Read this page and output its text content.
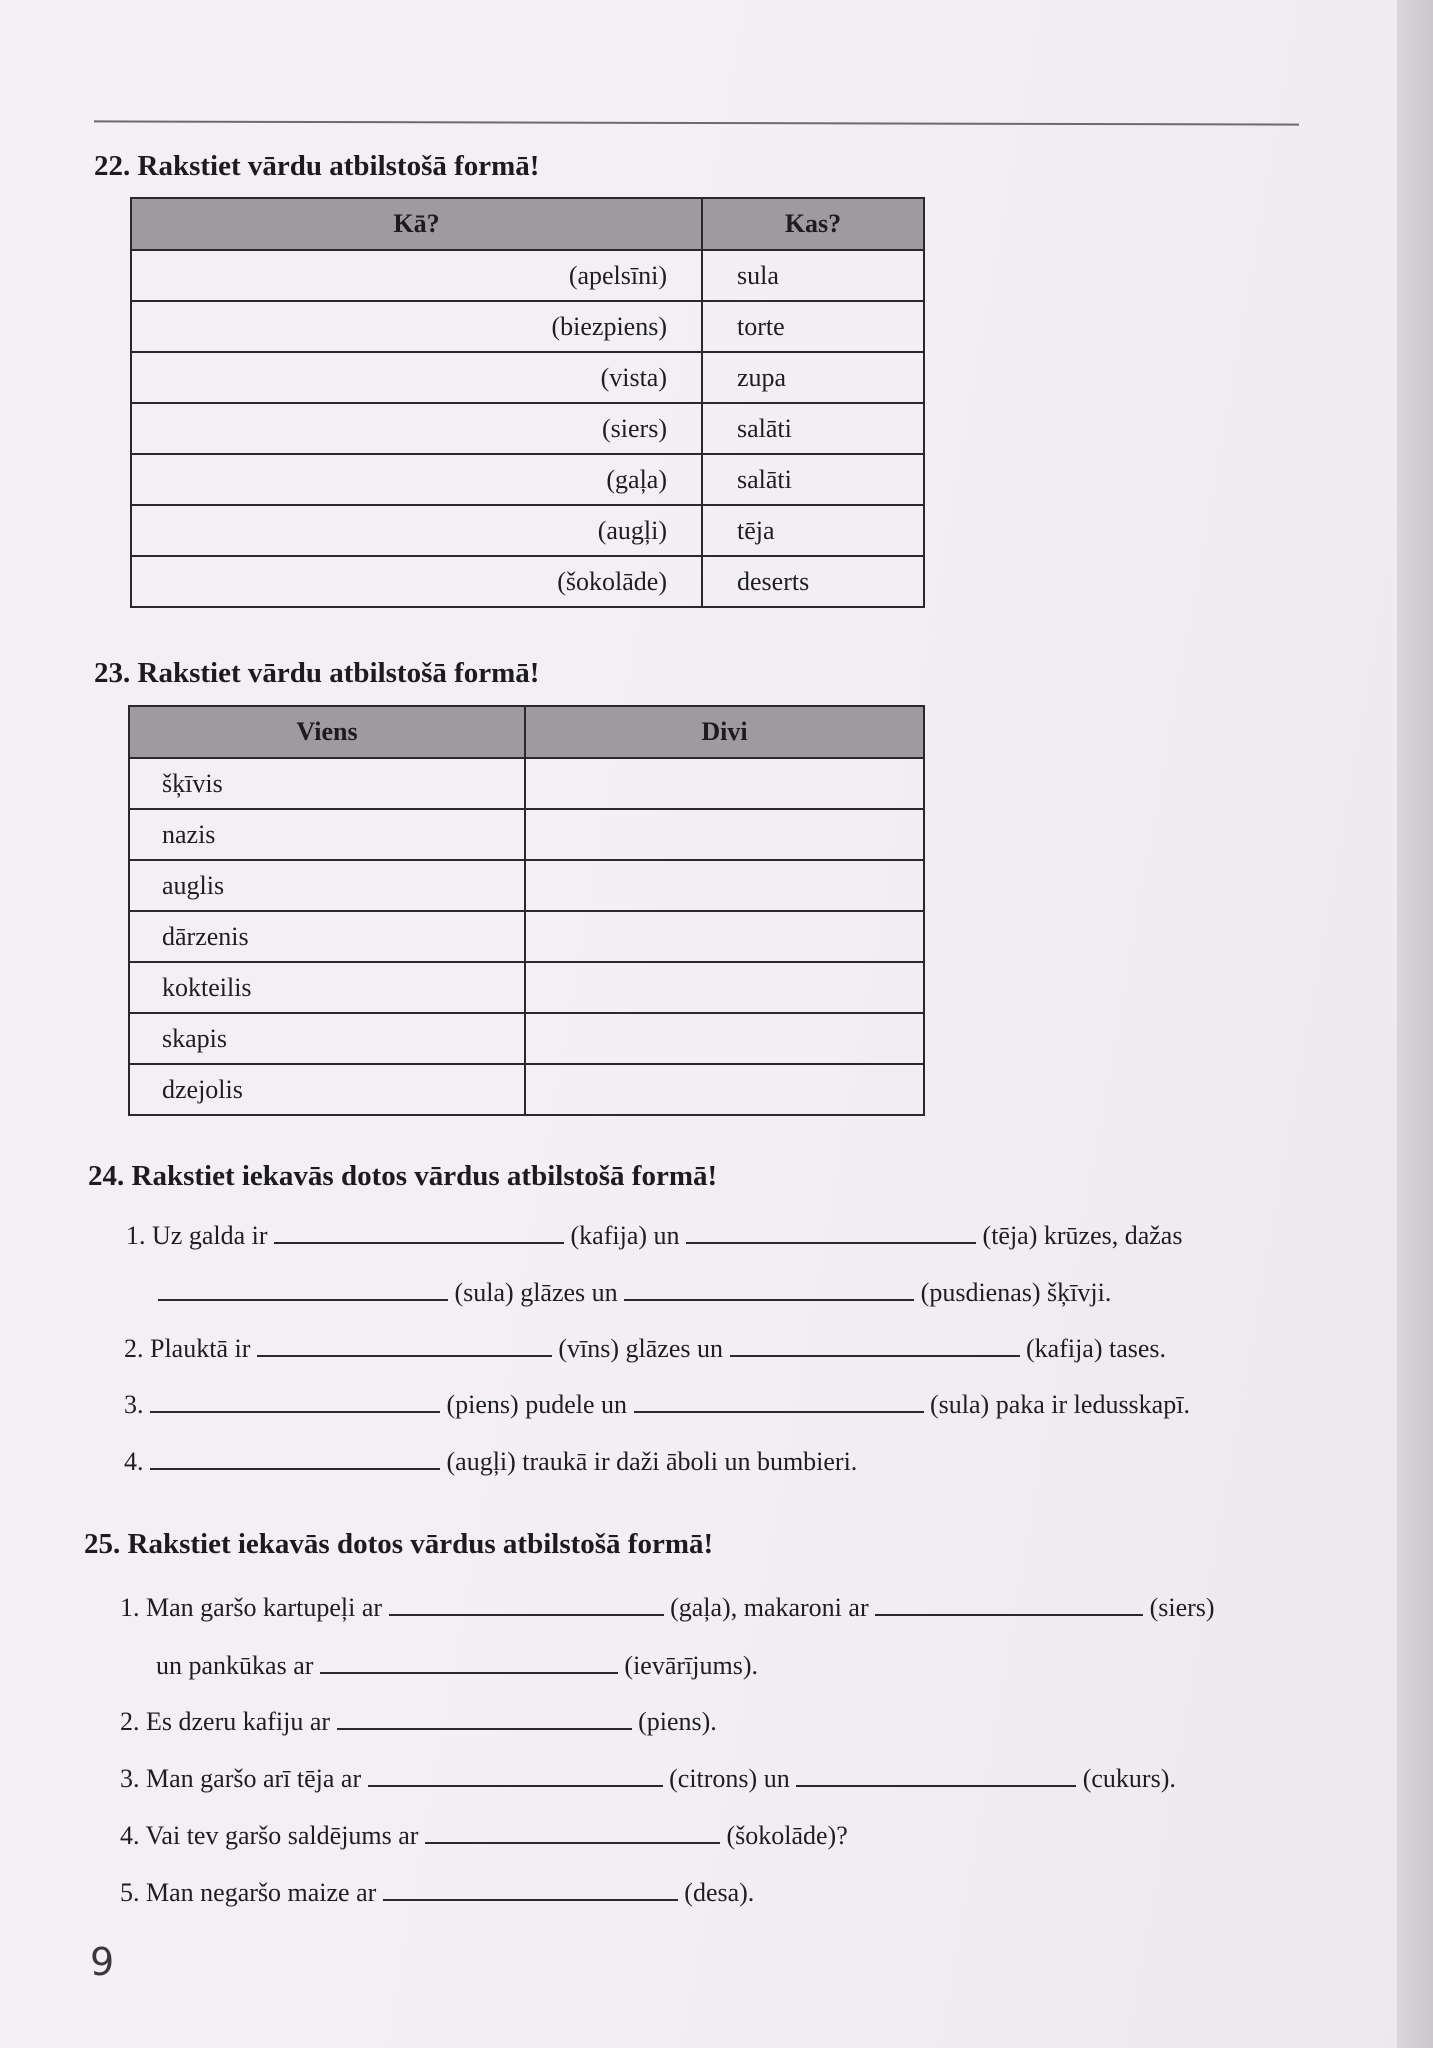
22. Rakstiet vārdu atbilstošā formā!
Kā?	Kas?
(apelsīni)	sula
(biezpiens)	torte
(vista)	zupa
(siers)	salāti
(gaļa)	salāti
(augļi)	tēja
(šokolāde)	deserts
23. Rakstiet vārdu atbilstošā formā!
Viens	Divi
šķīvis	
nazis	
auglis	
dārzenis	
kokteilis	
skapis	
dzejolis	
24. Rakstiet iekavās dotos vārdus atbilstošā formā!
1. Uz galda ir	(kafija) un	(tēja) krūzes, dažas
(sula) glāzes un	(pusdienas) šķīvji.
2. Plauktā ir	(vīns) glāzes un	(kafija) tases.
3.	(piens) pudele un	(sula) paka ir ledusskapī.
4.	(augļi) traukā ir daži āboli un bumbieri.
25. Rakstiet iekavās dotos vārdus atbilstošā formā!
1. Man garšo kartupeļi ar	(gaļa), makaroni ar	(siers)
un pankūkas ar	(ievārījums).
2. Es dzeru kafiju ar	(piens).
3. Man garšo arī tēja ar	(citrons) un	(cukurs).
4. Vai tev garšo saldējums ar	(šokolāde)?
5. Man negaršo maize ar	(desa).
9
